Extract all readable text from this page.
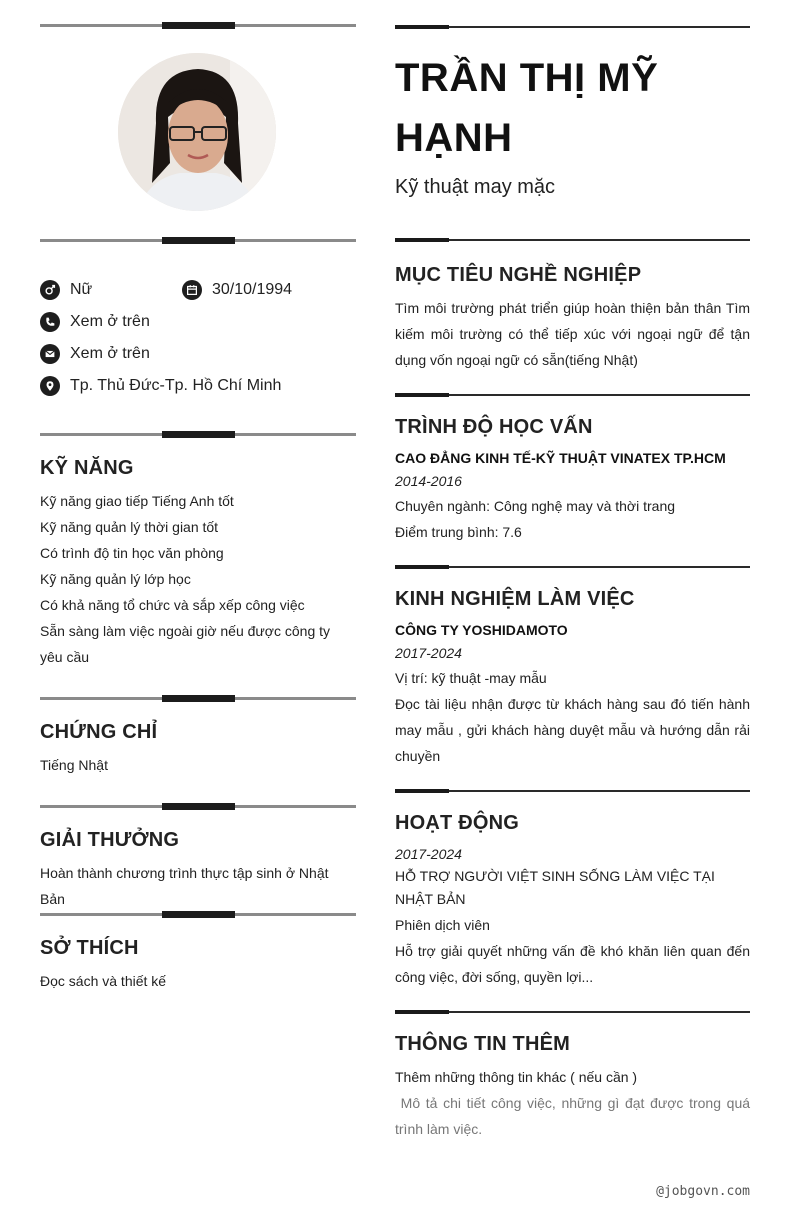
Nữ	30/10/1994
Xem ở trên
Xem ở trên
Tp. Thủ Đức-Tp. Hồ Chí Minh
KỸ NĂNG
Kỹ năng giao tiếp Tiếng Anh tốt
Kỹ năng quản lý thời gian tốt
Có trình độ tin học văn phòng
Kỹ năng quản lý lớp học
Có khả năng tổ chức và sắp xếp công việc
Sẵn sàng làm việc ngoài giờ nếu được công ty yêu cầu
CHỨNG CHỈ
Tiếng Nhật
GIẢI THƯỞNG
Hoàn thành chương trình thực tập sinh ở Nhật Bản
SỞ THÍCH
Đọc sách và thiết kế
TRẦN THỊ MỸ HẠNH
Kỹ thuật may mặc
MỤC TIÊU NGHỀ NGHIỆP
Tìm môi trường phát triển giúp hoàn thiện bản thân Tìm kiếm môi trường có thể tiếp xúc với ngoại ngữ để tận dụng vốn ngoại ngữ có sẵn(tiếng Nhật)
TRÌNH ĐỘ HỌC VẤN
CAO ĐẲNG KINH TẾ-KỸ THUẬT VINATEX TP.HCM
2014-2016
Chuyên ngành: Công nghệ may và thời trang
Điểm trung bình: 7.6
KINH NGHIỆM LÀM VIỆC
CÔNG TY YOSHIDAMOTO
2017-2024
Vị trí: kỹ thuật -may mẫu
Đọc tài liệu nhận được từ khách hàng sau đó tiến hành may mẫu , gửi khách hàng duyệt mẫu và hướng dẫn rải chuyền
HOẠT ĐỘNG
2017-2024
HỖ TRỢ NGƯỜI VIỆT SINH SỐNG LÀM VIỆC TẠI NHẬT BẢN
Phiên dịch viên
Hỗ trợ giải quyết những vấn đề khó khăn liên quan đến công việc, đời sống, quyền lợi...
THÔNG TIN THÊM
Thêm những thông tin khác ( nếu cần )
Mô tả chi tiết công việc, những gì đạt được trong quá trình làm việc.
@jobgovn.com
